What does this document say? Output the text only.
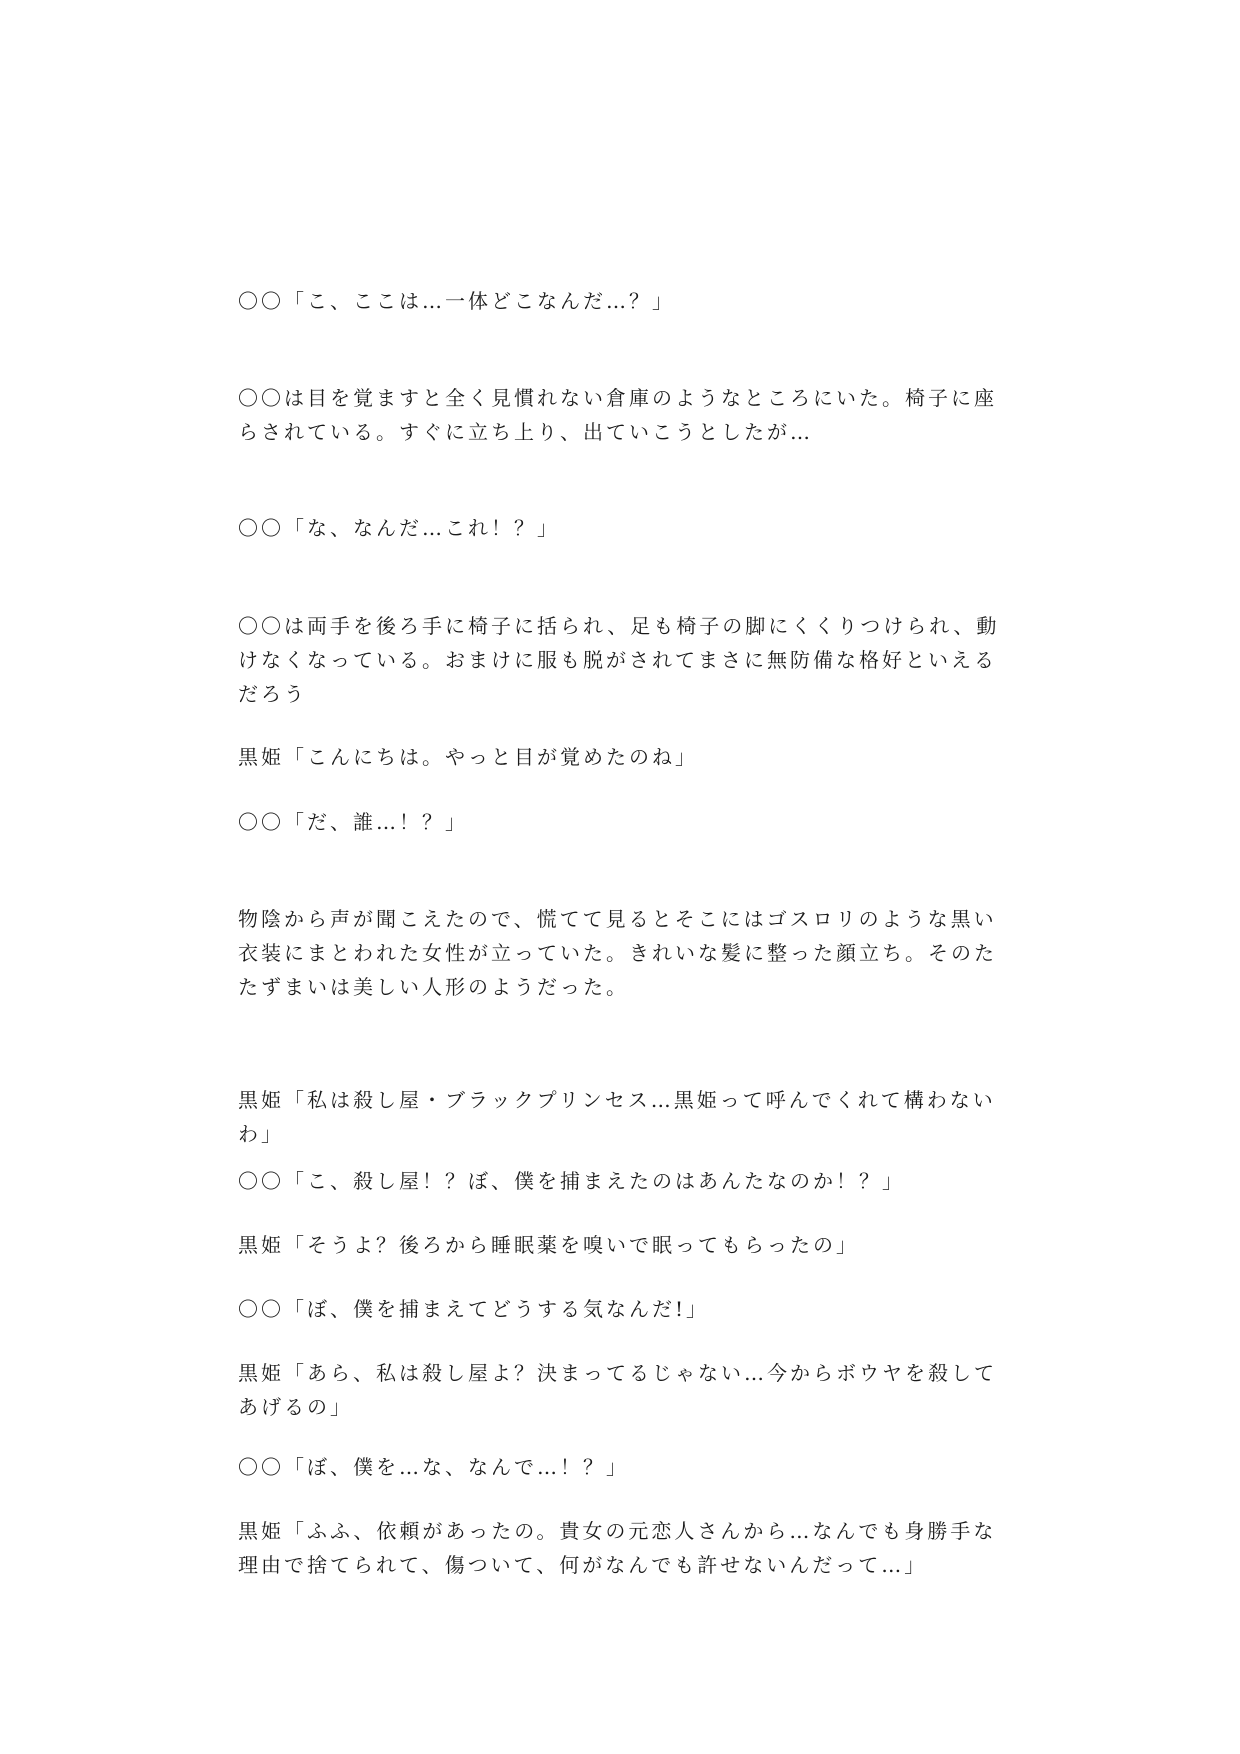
〇〇「こ、ここは…一体どこなんだ…？」

〇〇は目を覚ますと全く見慣れない倉庫のようなところにいた。椅子に座らされている。すぐに立ち上り、出ていこうとしたが…

〇〇「な、なんだ…これ！？」

〇〇は両手を後ろ手に椅子に括られ、足も椅子の脚にくくりつけられ、動けなくなっている。おまけに服も脱がされてまさに無防備な格好といえるだろう

黒姫「こんにちは。やっと目が覚めたのね」

〇〇「だ、誰…！？」

物陰から声が聞こえたので、慌てて見るとそこにはゴスロリのような黒い衣装にまとわれた女性が立っていた。きれいな髪に整った顔立ち。そのたたずまいは美しい人形のようだった。

黒姫「私は殺し屋・ブラックプリンセス…黒姫って呼んでくれて構わないわ」

〇〇「こ、殺し屋！？ぼ、僕を捕まえたのはあんたなのか！？」

黒姫「そうよ？後ろから睡眠薬を嗅いで眠ってもらったの」

〇〇「ぼ、僕を捕まえてどうする気なんだ!」

黒姫「あら、私は殺し屋よ？決まってるじゃない…今からボウヤを殺してあげるの」

〇〇「ぼ、僕を…な、なんで…！？」

黒姫「ふふ、依頼があったの。貴女の元恋人さんから…なんでも身勝手な理由で捨てられて、傷ついて、何がなんでも許せないんだって…」
